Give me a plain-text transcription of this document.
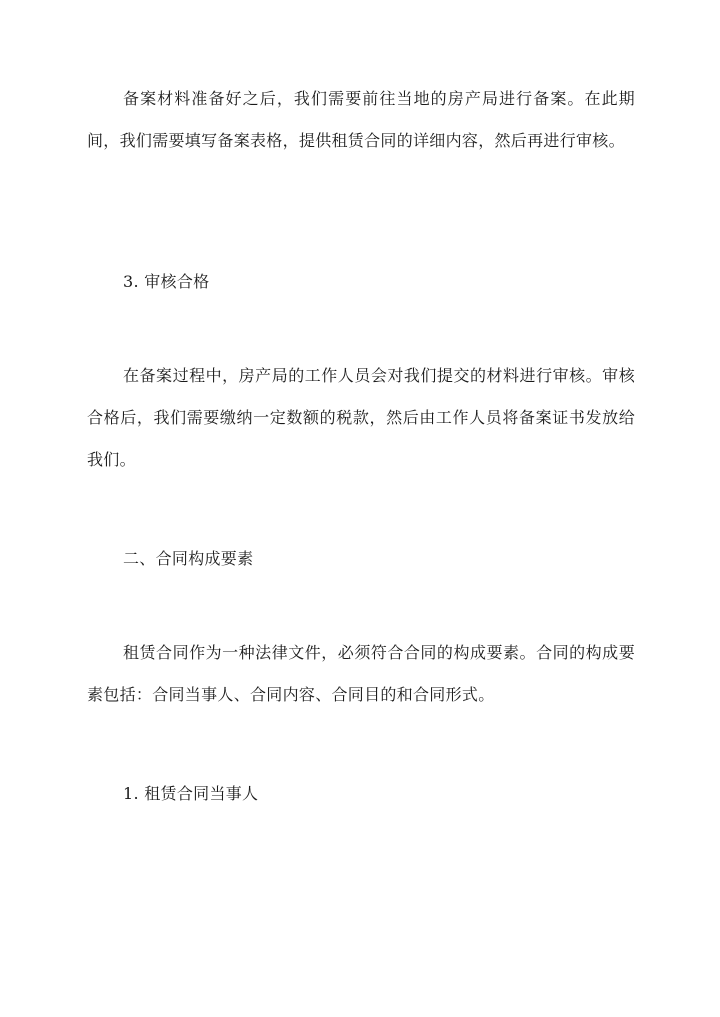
备案材料准备好之后，我们需要前往当地的房产局进行备案。在此期间，我们需要填写备案表格，提供租赁合同的详细内容，然后再进行审核。

3. 审核合格

在备案过程中，房产局的工作人员会对我们提交的材料进行审核。审核合格后，我们需要缴纳一定数额的税款，然后由工作人员将备案证书发放给我们。

二、合同构成要素

租赁合同作为一种法律文件，必须符合合同的构成要素。合同的构成要素包括：合同当事人、合同内容、合同目的和合同形式。

1. 租赁合同当事人
